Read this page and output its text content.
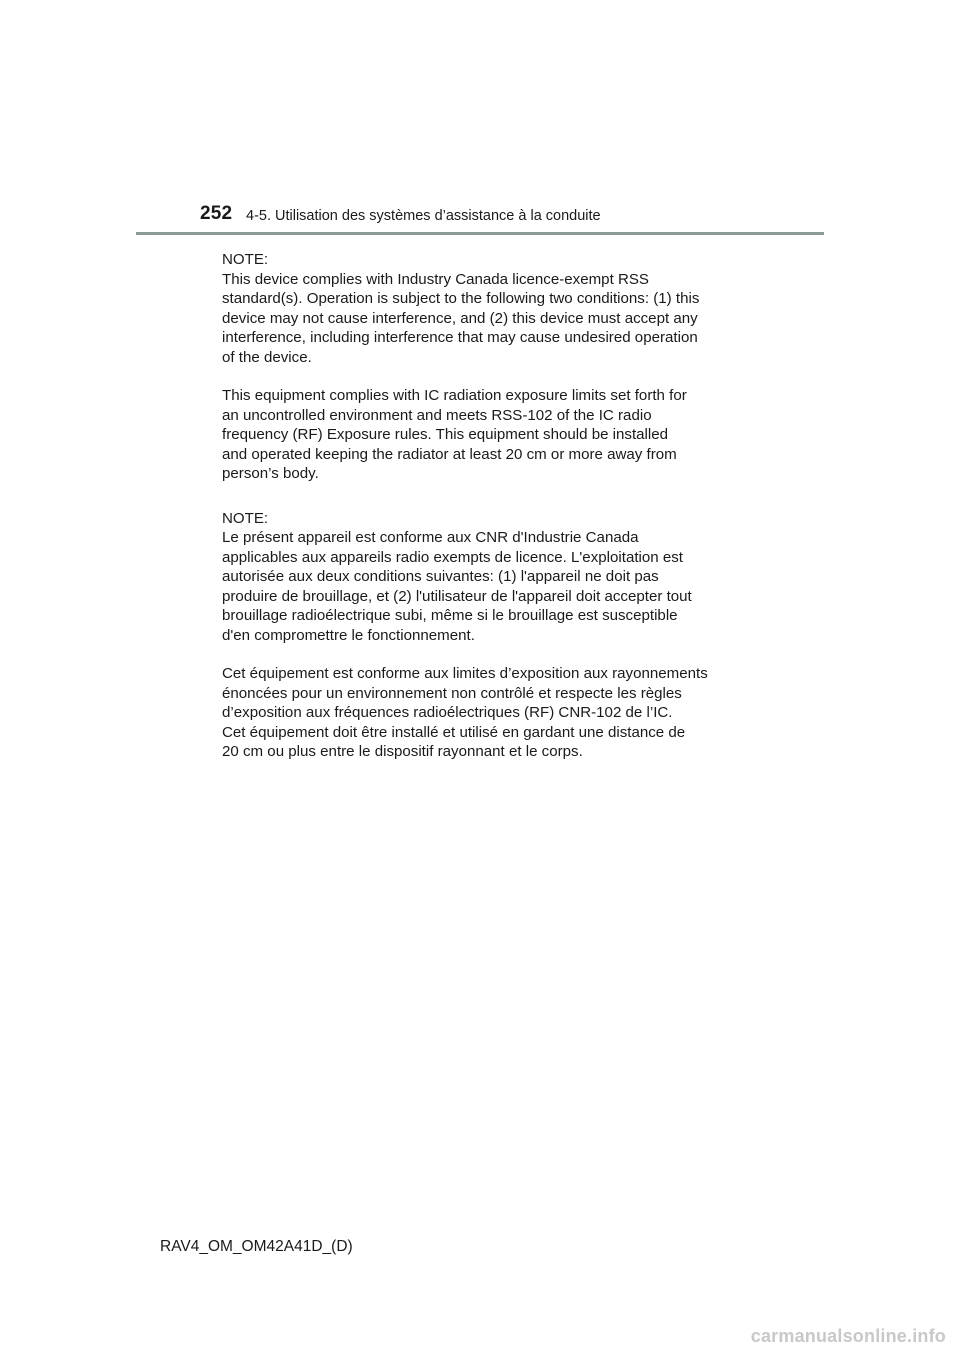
252 4-5. Utilisation des systèmes d’assistance à la conduite

NOTE:
This device complies with Industry Canada licence-exempt RSS
standard(s). Operation is subject to the following two conditions: (1) this
device may not cause interference, and (2) this device must accept any
interference, including interference that may cause undesired operation
of the device.

This equipment complies with IC radiation exposure limits set forth for
an uncontrolled environment and meets RSS-102 of the IC radio
frequency (RF) Exposure rules. This equipment should be installed
and operated keeping the radiator at least 20 cm or more away from
person’s body.

NOTE:
Le présent appareil est conforme aux CNR d'Industrie Canada
applicables aux appareils radio exempts de licence. L'exploitation est
autorisée aux deux conditions suivantes: (1) l'appareil ne doit pas
produire de brouillage, et (2) l'utilisateur de l'appareil doit accepter tout
brouillage radioélectrique subi, même si le brouillage est susceptible
d'en compromettre le fonctionnement.

Cet équipement est conforme aux limites d’exposition aux rayonnements
énoncées pour un environnement non contrôlé et respecte les règles
d’exposition aux fréquences radioélectriques (RF) CNR-102 de l’IC.
Cet équipement doit être installé et utilisé en gardant une distance de
20 cm ou plus entre le dispositif rayonnant et le corps.

RAV4_OM_OM42A41D_(D)
carmanualsonline.info
